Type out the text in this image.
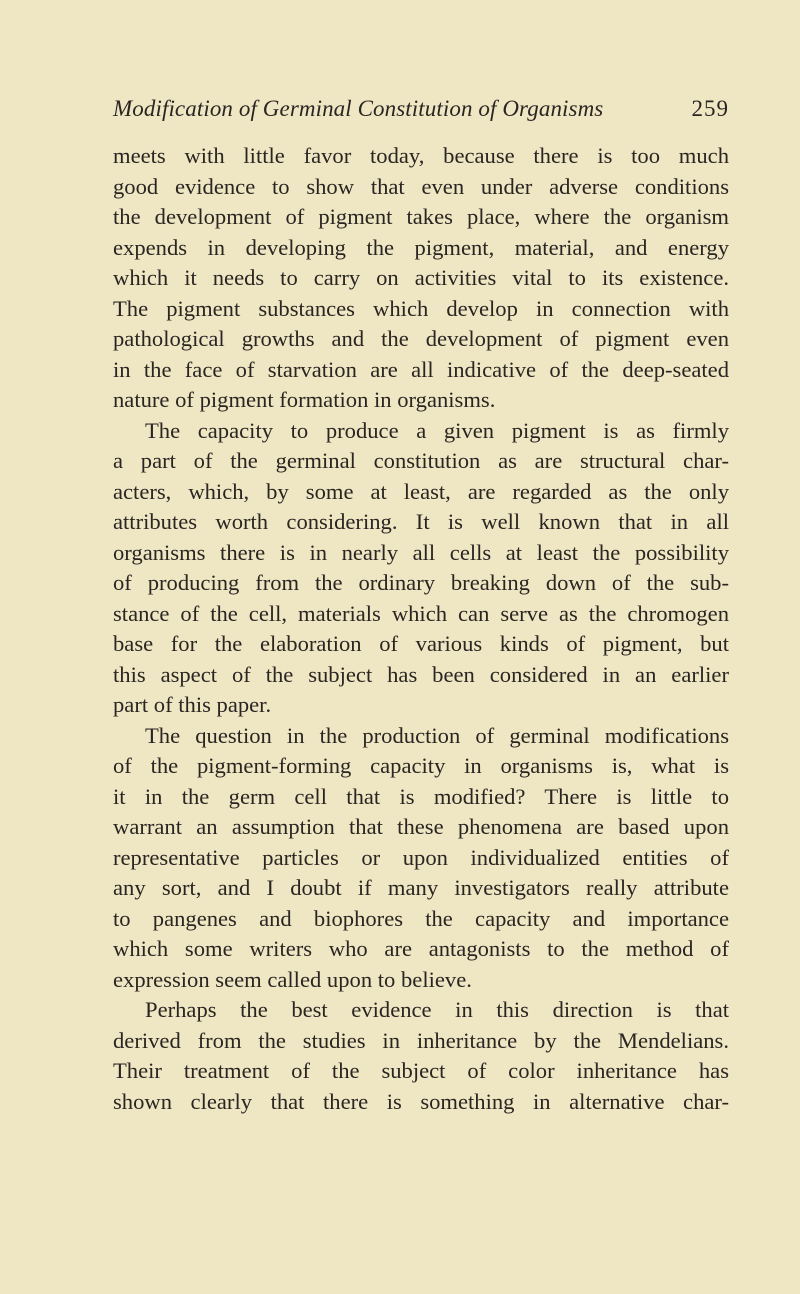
Modification of Germinal Constitution of Organisms	259
meets with little favor today, because there is too much
good evidence to show that even under adverse conditions
the development of pigment takes place, where the organism
expends in developing the pigment, material, and energy
which it needs to carry on activities vital to its existence.
The pigment substances which develop in connection with
pathological growths and the development of pigment even
in the face of starvation are all indicative of the deep-seated
nature of pigment formation in organisms.
The capacity to produce a given pigment is as firmly
a part of the germinal constitution as are structural char-
acters, which, by some at least, are regarded as the only
attributes worth considering. It is well known that in all
organisms there is in nearly all cells at least the possibility
of producing from the ordinary breaking down of the sub-
stance of the cell, materials which can serve as the chromogen
base for the elaboration of various kinds of pigment, but
this aspect of the subject has been considered in an earlier
part of this paper.
The question in the production of germinal modifications
of the pigment-forming capacity in organisms is, what is
it in the germ cell that is modified? There is little to
warrant an assumption that these phenomena are based upon
representative particles or upon individualized entities of
any sort, and I doubt if many investigators really attribute
to pangenes and biophores the capacity and importance
which some writers who are antagonists to the method of
expression seem called upon to believe.
Perhaps the best evidence in this direction is that
derived from the studies in inheritance by the Mendelians.
Their treatment of the subject of color inheritance has
shown clearly that there is something in alternative char-
